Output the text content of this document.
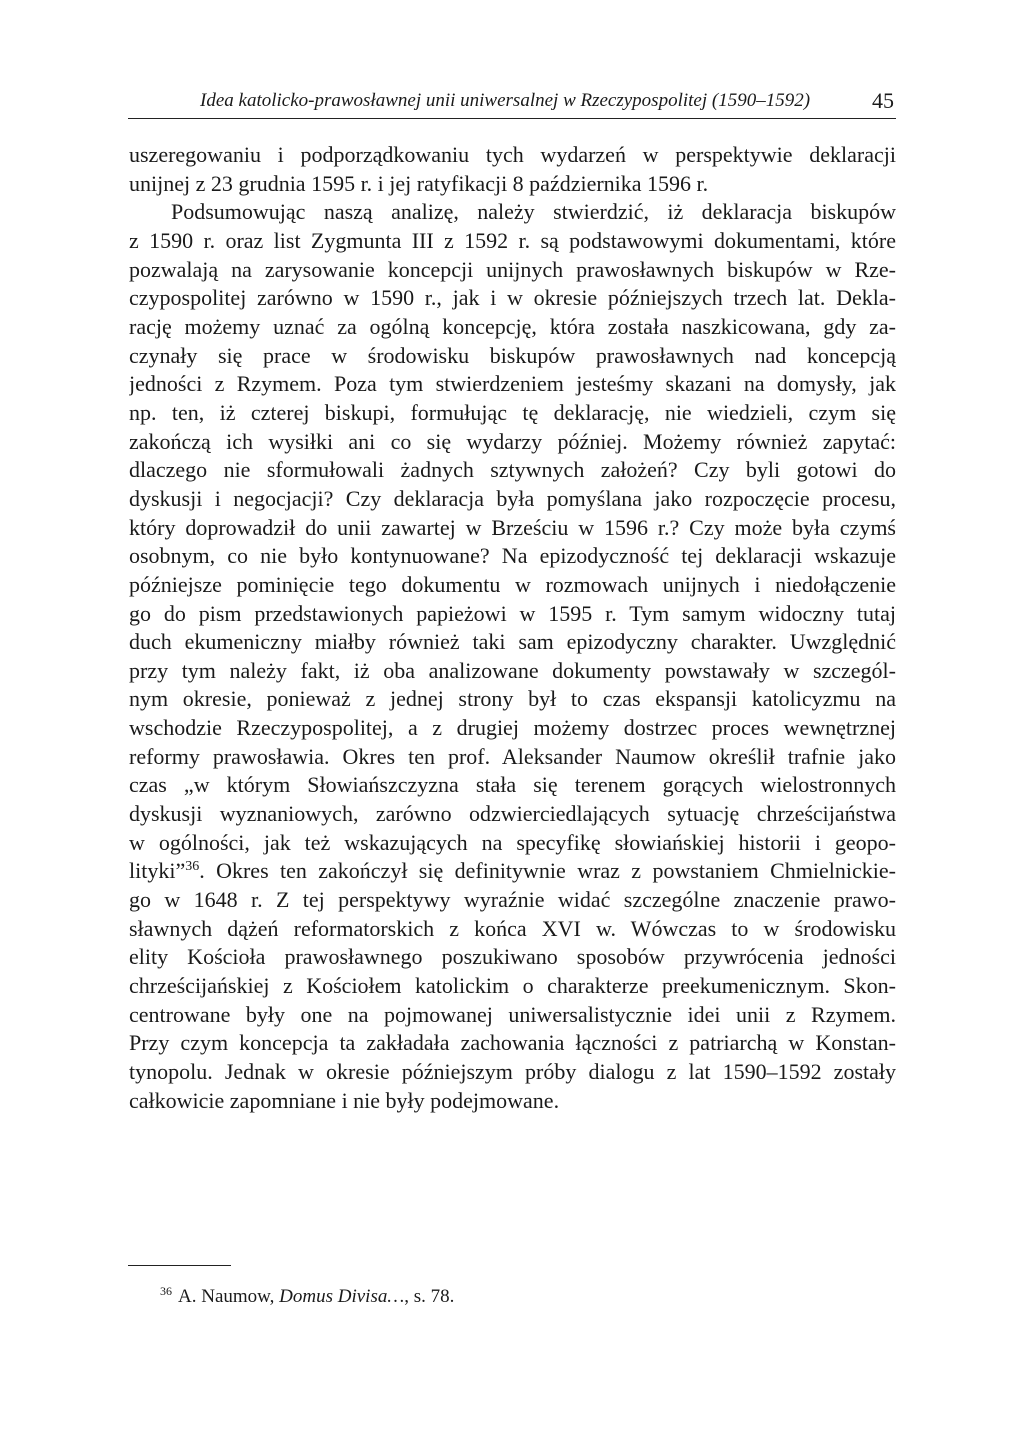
Idea katolicko-prawosławnej unii uniwersalnej w Rzeczypospolitej (1590–1592)	45
uszeregowaniu i podporządkowaniu tych wydarzeń w perspektywie deklaracji
unijnej z 23 grudnia 1595 r. i jej ratyfikacji 8 października 1596 r.
Podsumowując naszą analizę, należy stwierdzić, iż deklaracja biskupów
z 1590 r. oraz list Zygmunta III z 1592 r. są podstawowymi dokumentami, które
pozwalają na zarysowanie koncepcji unijnych prawosławnych biskupów w Rze-
czypospolitej zarówno w 1590 r., jak i w okresie późniejszych trzech lat. Dekla-
rację możemy uznać za ogólną koncepcję, która została naszkicowana, gdy za-
czynały się prace w środowisku biskupów prawosławnych nad koncepcją
jedności z Rzymem. Poza tym stwierdzeniem jesteśmy skazani na domysły, jak
np. ten, iż czterej biskupi, formułując tę deklarację, nie wiedzieli, czym się
zakończą ich wysiłki ani co się wydarzy później. Możemy również zapytać:
dlaczego nie sformułowali żadnych sztywnych założeń? Czy byli gotowi do
dyskusji i negocjacji? Czy deklaracja była pomyślana jako rozpoczęcie procesu,
który doprowadził do unii zawartej w Brześciu w 1596 r.? Czy może była czymś
osobnym, co nie było kontynuowane? Na epizodyczność tej deklaracji wskazuje
późniejsze pominięcie tego dokumentu w rozmowach unijnych i niedołączenie
go do pism przedstawionych papieżowi w 1595 r. Tym samym widoczny tutaj
duch ekumeniczny miałby również taki sam epizodyczny charakter. Uwzględnić
przy tym należy fakt, iż oba analizowane dokumenty powstawały w szczegól-
nym okresie, ponieważ z jednej strony był to czas ekspansji katolicyzmu na
wschodzie Rzeczypospolitej, a z drugiej możemy dostrzec proces wewnętrznej
reformy prawosławia. Okres ten prof. Aleksander Naumow określił trafnie jako
czas „w którym Słowiańszczyzna stała się terenem gorących wielostronnych
dyskusji wyznaniowych, zarówno odzwierciedlających sytuację chrześcijaństwa
w ogólności, jak też wskazujących na specyfikę słowiańskiej historii i geopo-
lityki”$^{36}$. Okres ten zakończył się definitywnie wraz z powstaniem Chmielnickie-
go w 1648 r. Z tej perspektywy wyraźnie widać szczególne znaczenie prawo-
sławnych dążeń reformatorskich z końca XVI w. Wówczas to w środowisku
elity Kościoła prawosławnego poszukiwano sposobów przywrócenia jedności
chrześcijańskiej z Kościołem katolickim o charakterze preekumenicznym. Skon-
centrowane były one na pojmowanej uniwersalistycznie idei unii z Rzymem.
Przy czym koncepcja ta zakładała zachowania łączności z patriarchą w Konstan-
tynopolu. Jednak w okresie późniejszym próby dialogu z lat 1590–1592 zostały
całkowicie zapomniane i nie były podejmowane.
$^{36}$ A. Naumow, Domus Divisa…, s. 78.
